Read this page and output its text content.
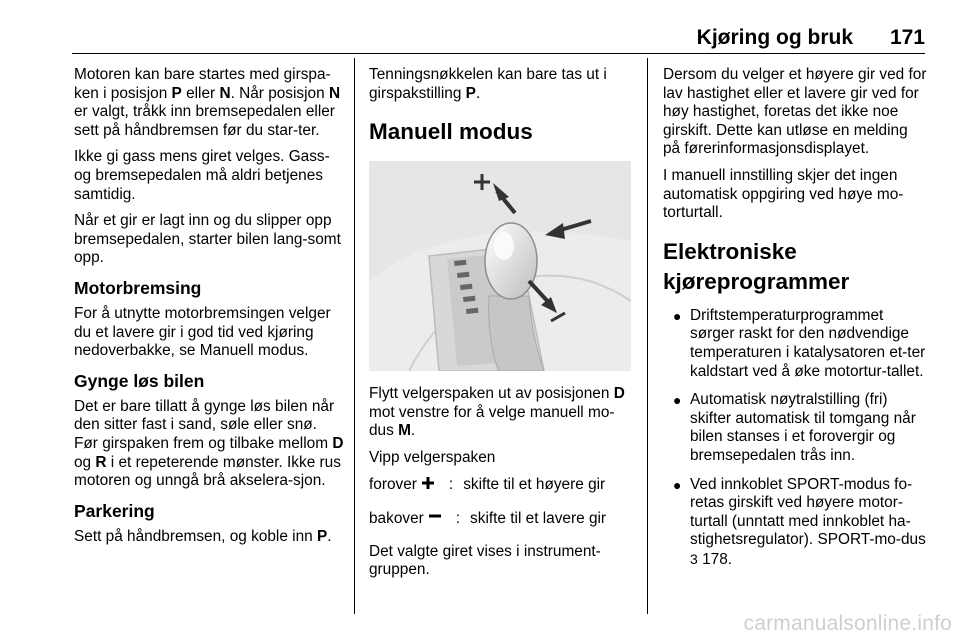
Kjøring og bruk 171

Motoren kan bare startes med girspa-ken i posisjon P eller N. Når posisjon N er valgt, tråkk inn bremsepedalen eller sett på håndbremsen før du star-ter.

Ikke gi gass mens giret velges. Gass- og bremsepedalen må aldri betjenes samtidig.

Når et gir er lagt inn og du slipper opp bremsepedalen, starter bilen lang-somt opp.

Motorbremsing

For å utnytte motorbremsingen velger du et lavere gir i god tid ved kjøring nedoverbakke, se Manuell modus.

Gynge løs bilen

Det er bare tillatt å gynge løs bilen når den sitter fast i sand, søle eller snø. Før girspaken frem og tilbake mellom D og R i et repeterende mønster. Ikke rus motoren og unngå brå akselera-sjon.

Parkering

Sett på håndbremsen, og koble inn P.

Tenningsnøkkelen kan bare tas ut i girspakstilling P.

Manuell modus

Flytt velgerspaken ut av posisjonen D mot venstre for å velge manuell mo-dus M.

Vipp velgerspaken

forover : skifte til et høyere gir
bakover : skifte til et lavere gir

Det valgte giret vises i instrument-gruppen.

Dersom du velger et høyere gir ved for lav hastighet eller et lavere gir ved for høy hastighet, foretas det ikke noe girskift. Dette kan utløse en melding på førerinformasjonsdisplayet.

I manuell innstilling skjer det ingen automatisk oppgiring ved høye mo-torturtall.

Elektroniske kjøreprogrammer
● Driftstemperaturprogrammet sørger raskt for den nødvendige temperaturen i katalysatoren et-ter kaldstart ved å øke motortur-tallet.
● Automatisk nøytralstilling (fri) skifter automatisk til tomgang når bilen stanses i et forovergir og bremsepedalen trås inn.
● Ved innkoblet SPORT-modus fo-retas girskift ved høyere motor-turtall (unntatt med innkoblet ha-stighetsregulator). SPORT-mo-dus 3 178.
carmanualsonline.info
